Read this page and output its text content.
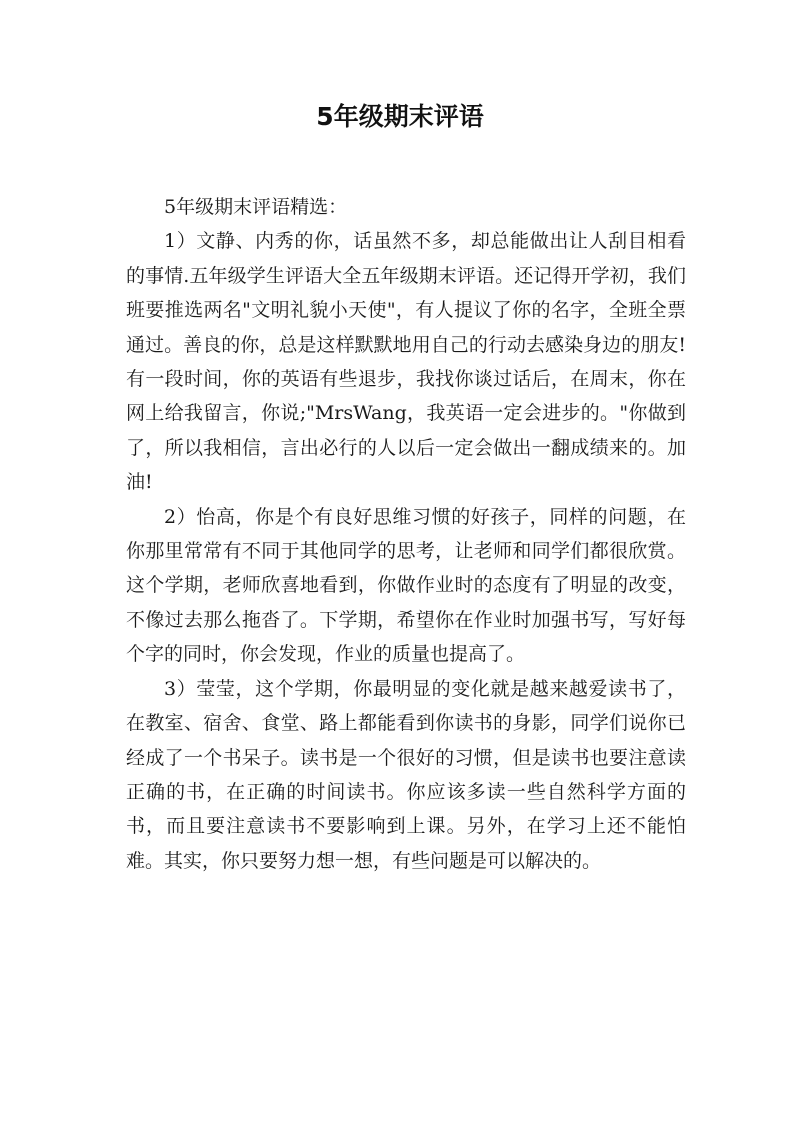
5年级期末评语

5年级期末评语精选：

1）文静、内秀的你，话虽然不多，却总能做出让人刮目相看的事情.五年级学生评语大全五年级期末评语。还记得开学初，我们班要推选两名"文明礼貌小天使"，有人提议了你的名字，全班全票通过。善良的你，总是这样默默地用自己的行动去感染身边的朋友!有一段时间，你的英语有些退步，我找你谈过话后，在周末，你在网上给我留言，你说;"MrsWang，我英语一定会进步的。"你做到了，所以我相信，言出必行的人以后一定会做出一翻成绩来的。加油!

2）怡高，你是个有良好思维习惯的好孩子，同样的问题，在你那里常常有不同于其他同学的思考，让老师和同学们都很欣赏。这个学期，老师欣喜地看到，你做作业时的态度有了明显的改变，不像过去那么拖沓了。下学期，希望你在作业时加强书写，写好每个字的同时，你会发现，作业的质量也提高了。

3）莹莹，这个学期，你最明显的变化就是越来越爱读书了，在教室、宿舍、食堂、路上都能看到你读书的身影，同学们说你已经成了一个书呆子。读书是一个很好的习惯，但是读书也要注意读正确的书，在正确的时间读书。你应该多读一些自然科学方面的书，而且要注意读书不要影响到上课。另外，在学习上还不能怕难。其实，你只要努力想一想，有些问题是可以解决的。
